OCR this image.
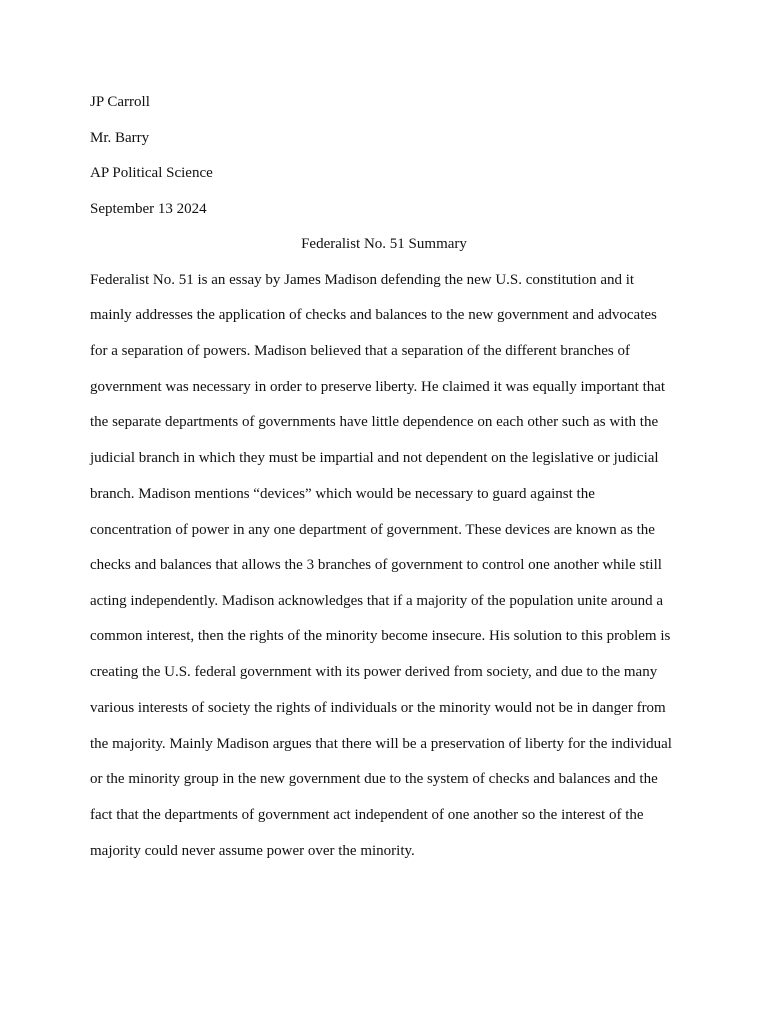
JP Carroll
Mr. Barry
AP Political Science
September 13 2024
Federalist No. 51 Summary
Federalist No. 51 is an essay by James Madison defending the new U.S. constitution and it
mainly addresses the application of checks and balances to the new government and advocates
for a separation of powers. Madison believed that a separation of the different branches of
government was necessary in order to preserve liberty. He claimed it was equally important that
the separate departments of governments have little dependence on each other such as with the
judicial branch in which they must be impartial and not dependent on the legislative or judicial
branch. Madison mentions “devices” which would be necessary to guard against the
concentration of power in any one department of government. These devices are known as the
checks and balances that allows the 3 branches of government to control one another while still
acting independently. Madison acknowledges that if a majority of the population unite around a
common interest, then the rights of the minority become insecure. His solution to this problem is
creating the U.S. federal government with its power derived from society, and due to the many
various interests of society the rights of individuals or the minority would not be in danger from
the majority. Mainly Madison argues that there will be a preservation of liberty for the individual
or the minority group in the new government due to the system of checks and balances and the
fact that the departments of government act independent of one another so the interest of the
majority could never assume power over the minority.
